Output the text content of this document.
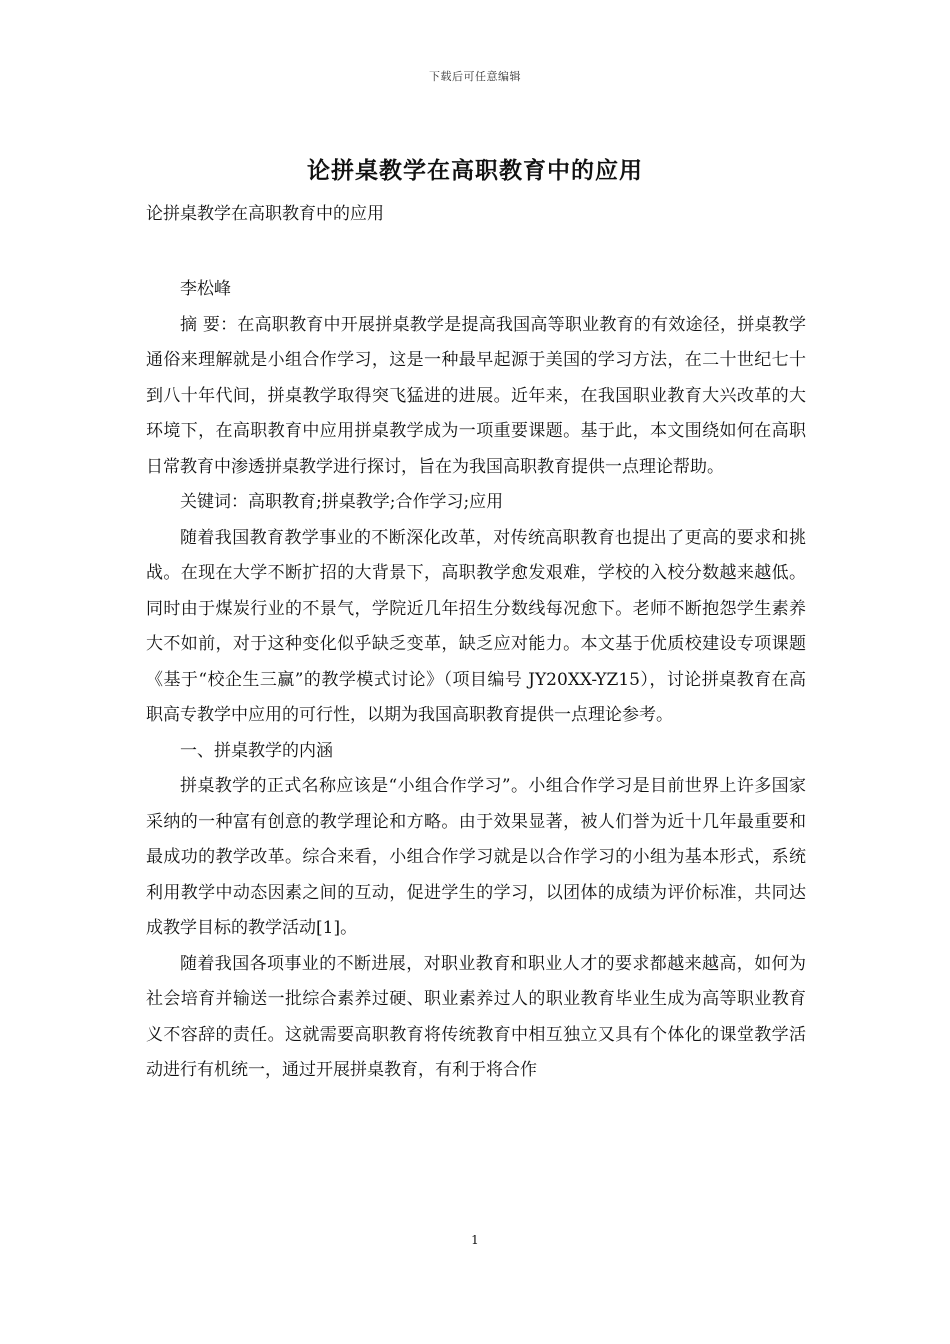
下载后可任意编辑
论拼桌教学在高职教育中的应用
论拼桌教学在高职教育中的应用

李松峰

摘 要：在高职教育中开展拼桌教学是提高我国高等职业教育的有效途径，拼桌教学通俗来理解就是小组合作学习，这是一种最早起源于美国的学习方法，在二十世纪七十到八十年代间，拼桌教学取得突飞猛进的进展。近年来，在我国职业教育大兴改革的大环境下，在高职教育中应用拼桌教学成为一项重要课题。基于此，本文围绕如何在高职日常教育中渗透拼桌教学进行探讨，旨在为我国高职教育提供一点理论帮助。

关键词：高职教育;拼桌教学;合作学习;应用

随着我国教育教学事业的不断深化改革，对传统高职教育也提出了更高的要求和挑战。在现在大学不断扩招的大背景下，高职教学愈发艰难，学校的入校分数越来越低。同时由于煤炭行业的不景气，学院近几年招生分数线每况愈下。老师不断抱怨学生素养大不如前，对于这种变化似乎缺乏变革，缺乏应对能力。本文基于优质校建设专项课题《基于“校企生三赢”的教学模式讨论》（项目编号 JY20XX-YZ15），讨论拼桌教育在高职高专教学中应用的可行性，以期为我国高职教育提供一点理论参考。

一、拼桌教学的内涵

拼桌教学的正式名称应该是“小组合作学习”。小组合作学习是目前世界上许多国家采纳的一种富有创意的教学理论和方略。由于效果显著，被人们誉为近十几年最重要和最成功的教学改革。综合来看，小组合作学习就是以合作学习的小组为基本形式，系统利用教学中动态因素之间的互动，促进学生的学习，以团体的成绩为评价标准，共同达成教学目标的教学活动[1]。

随着我国各项事业的不断进展，对职业教育和职业人才的要求都越来越高，如何为社会培育并输送一批综合素养过硬、职业素养过人的职业教育毕业生成为高等职业教育义不容辞的责任。这就需要高职教育将传统教育中相互独立又具有个体化的课堂教学活动进行有机统一，通过开展拼桌教育，有利于将合作

1
